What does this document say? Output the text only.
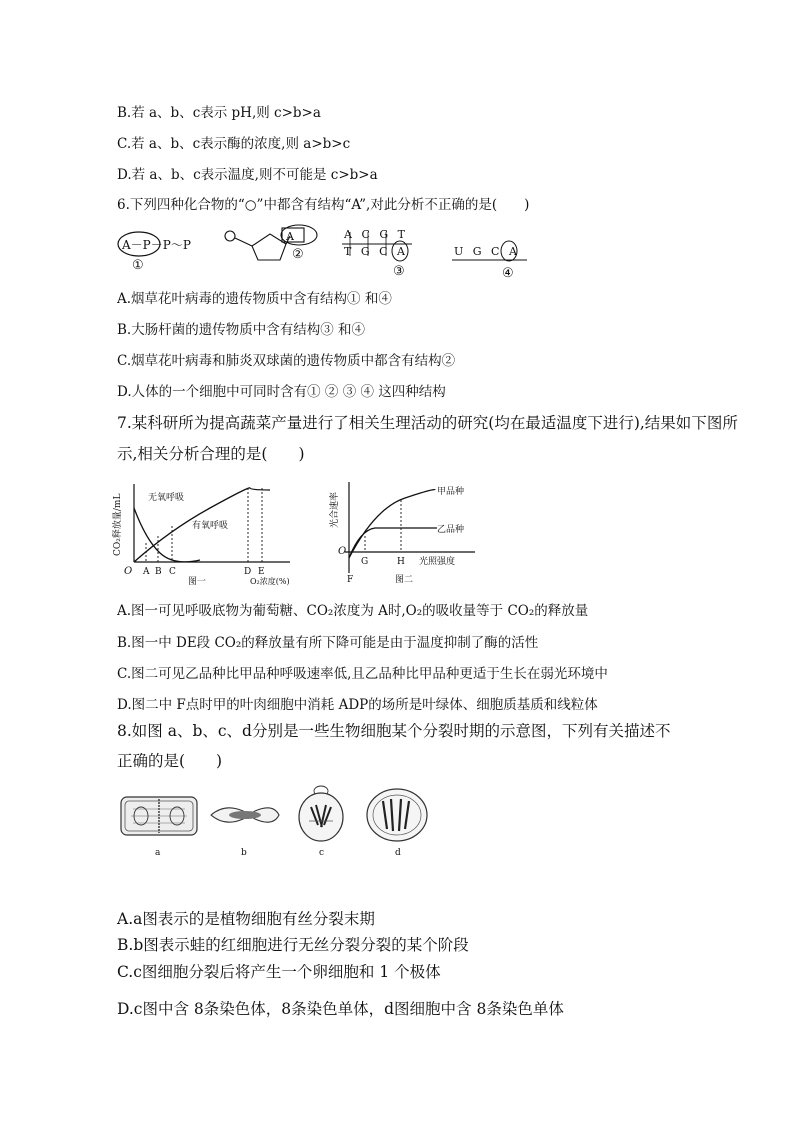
B.若 a、b、c表示 pH,则 c>b>a
C.若 a、b、c表示酶的浓度,则 a>b>c
D.若 a、b、c表示温度,则不可能是 c>b>a
6.下列四种化合物的“○”中都含有结构“A”,对此分析不正确的是(　　)
A－P－P～P
①
A
②
A C G T
T G C A
③
U G C A
④
A.烟草花叶病毒的遗传物质中含有结构① 和④
B.大肠杆菌的遗传物质中含有结构③ 和④
C.烟草花叶病毒和肺炎双球菌的遗传物质中都含有结构②
D.人体的一个细胞中可同时含有① ② ③ ④ 这四种结构
7.某科研所为提高蔬菜产量进行了相关生理活动的研究(均在最适温度下进行),结果如下图所
示,相关分析合理的是(　　)
CO₂释放量/mL	无氧呼吸
有氧呼吸
O A B C	D E
图一	O₂浓度(%)
光合速率	甲品种
乙品种
O
G	H
F
光照强度
图二
A.图一可见呼吸底物为葡萄糖、CO₂浓度为 A时,O₂的吸收量等于 CO₂的释放量
B.图一中 DE段 CO₂的释放量有所下降可能是由于温度抑制了酶的活性
C.图二可见乙品种比甲品种呼吸速率低,且乙品种比甲品种更适于生长在弱光环境中
D.图二中 F点时甲的叶肉细胞中消耗 ADP的场所是叶绿体、细胞质基质和线粒体
8.如图 a、b、c、d分别是一些生物细胞某个分裂时期的示意图，下列有关描述不
正确的是(　　)
a	b	c	d
A.a图表示的是植物细胞有丝分裂末期
B.b图表示蛙的红细胞进行无丝分裂分裂的某个阶段
C.c图细胞分裂后将产生一个卵细胞和 1 个极体
D.c图中含 8条染色体，8条染色单体，d图细胞中含 8条染色单体
